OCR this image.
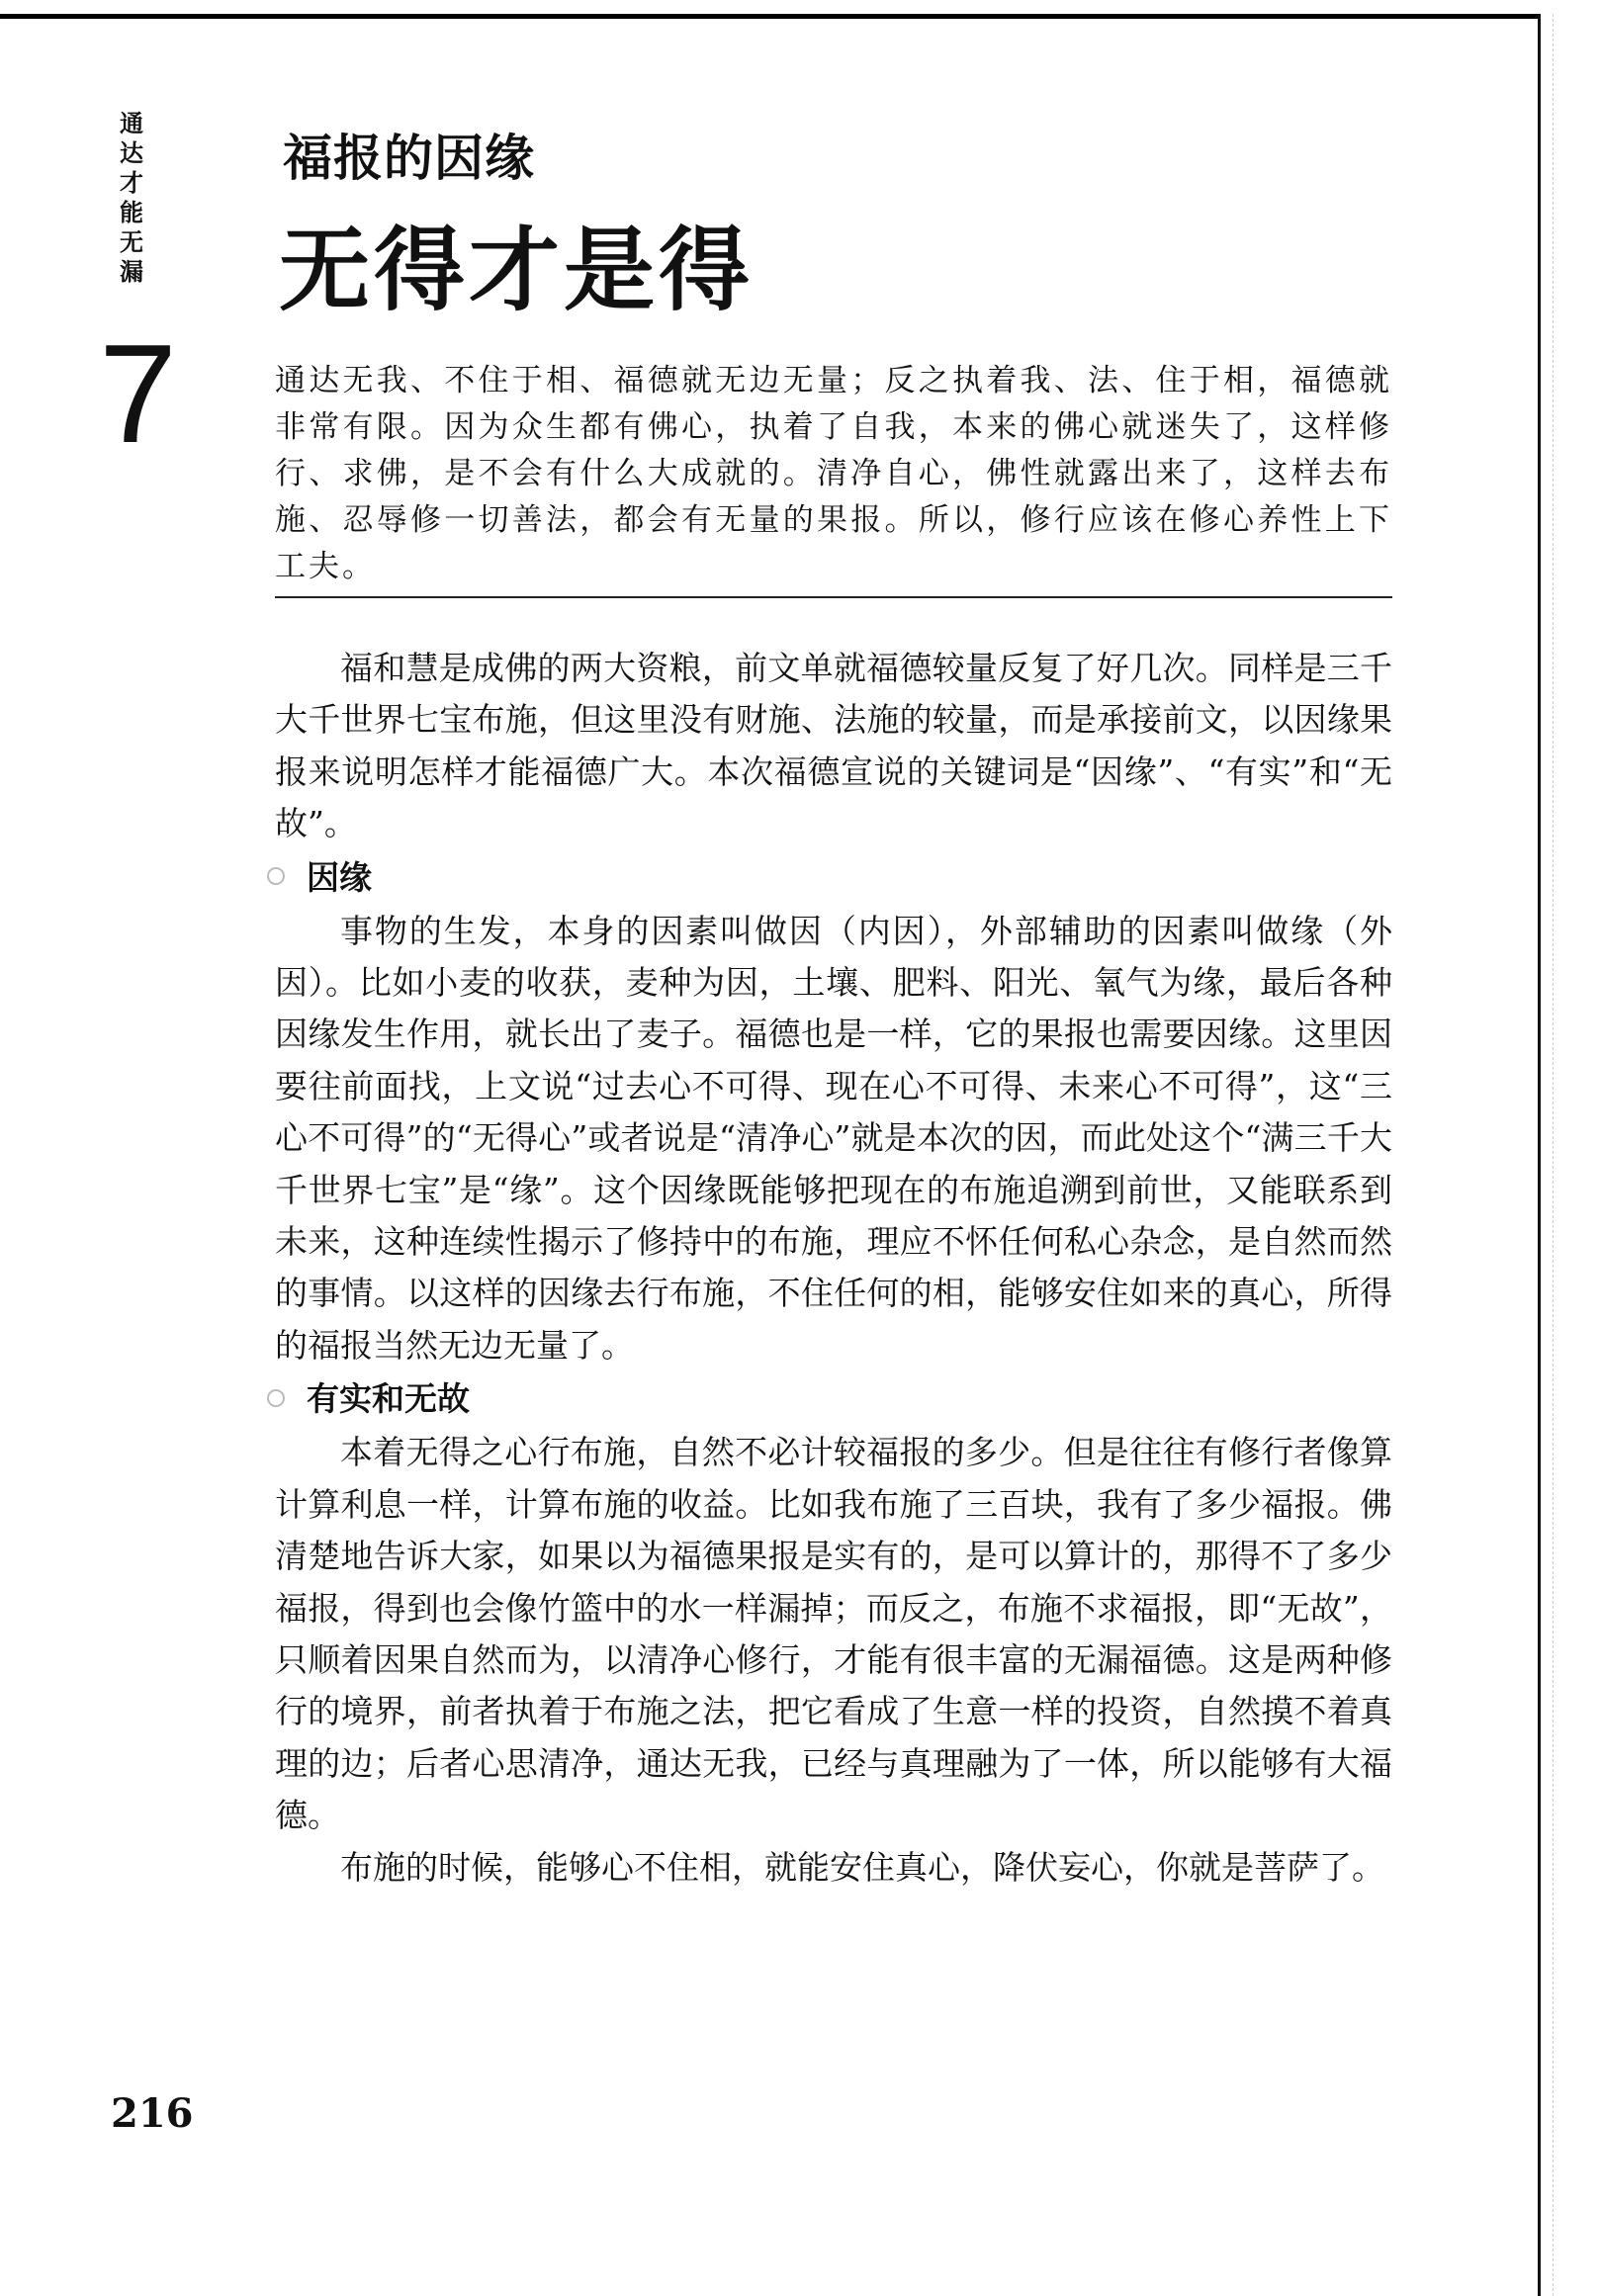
通达才能无漏
7
福报的因缘
无得才是得
通达无我、不住于相、福德就无边无量；反之执着我、法、住于相，福德就非常有限。因为众生都有佛心，执着了自我，本来的佛心就迷失了，这样修行、求佛，是不会有什么大成就的。清净自心，佛性就露出来了，这样去布施、忍辱修一切善法，都会有无量的果报。所以，修行应该在修心养性上下工夫。

福和慧是成佛的两大资粮，前文单就福德较量反复了好几次。同样是三千大千世界七宝布施，但这里没有财施、法施的较量，而是承接前文，以因缘果报来说明怎样才能福德广大。本次福德宣说的关键词是“因缘”、“有实”和“无故”。

因缘

事物的生发，本身的因素叫做因（内因），外部辅助的因素叫做缘（外因）。比如小麦的收获，麦种为因，土壤、肥料、阳光、氧气为缘，最后各种因缘发生作用，就长出了麦子。福德也是一样，它的果报也需要因缘。这里因要往前面找，上文说“过去心不可得、现在心不可得、未来心不可得”，这“三心不可得”的“无得心”或者说是“清净心”就是本次的因，而此处这个“满三千大千世界七宝”是“缘”。这个因缘既能够把现在的布施追溯到前世，又能联系到未来，这种连续性揭示了修持中的布施，理应不怀任何私心杂念，是自然而然的事情。以这样的因缘去行布施，不住任何的相，能够安住如来的真心，所得的福报当然无边无量了。

有实和无故

本着无得之心行布施，自然不必计较福报的多少。但是往往有修行者像算计算利息一样，计算布施的收益。比如我布施了三百块，我有了多少福报。佛清楚地告诉大家，如果以为福德果报是实有的，是可以算计的，那得不了多少福报，得到也会像竹篮中的水一样漏掉；而反之，布施不求福报，即“无故”，只顺着因果自然而为，以清净心修行，才能有很丰富的无漏福德。这是两种修行的境界，前者执着于布施之法，把它看成了生意一样的投资，自然摸不着真理的边；后者心思清净，通达无我，已经与真理融为了一体，所以能够有大福德。

布施的时候，能够心不住相，就能安住真心，降伏妄心，你就是菩萨了。

216
